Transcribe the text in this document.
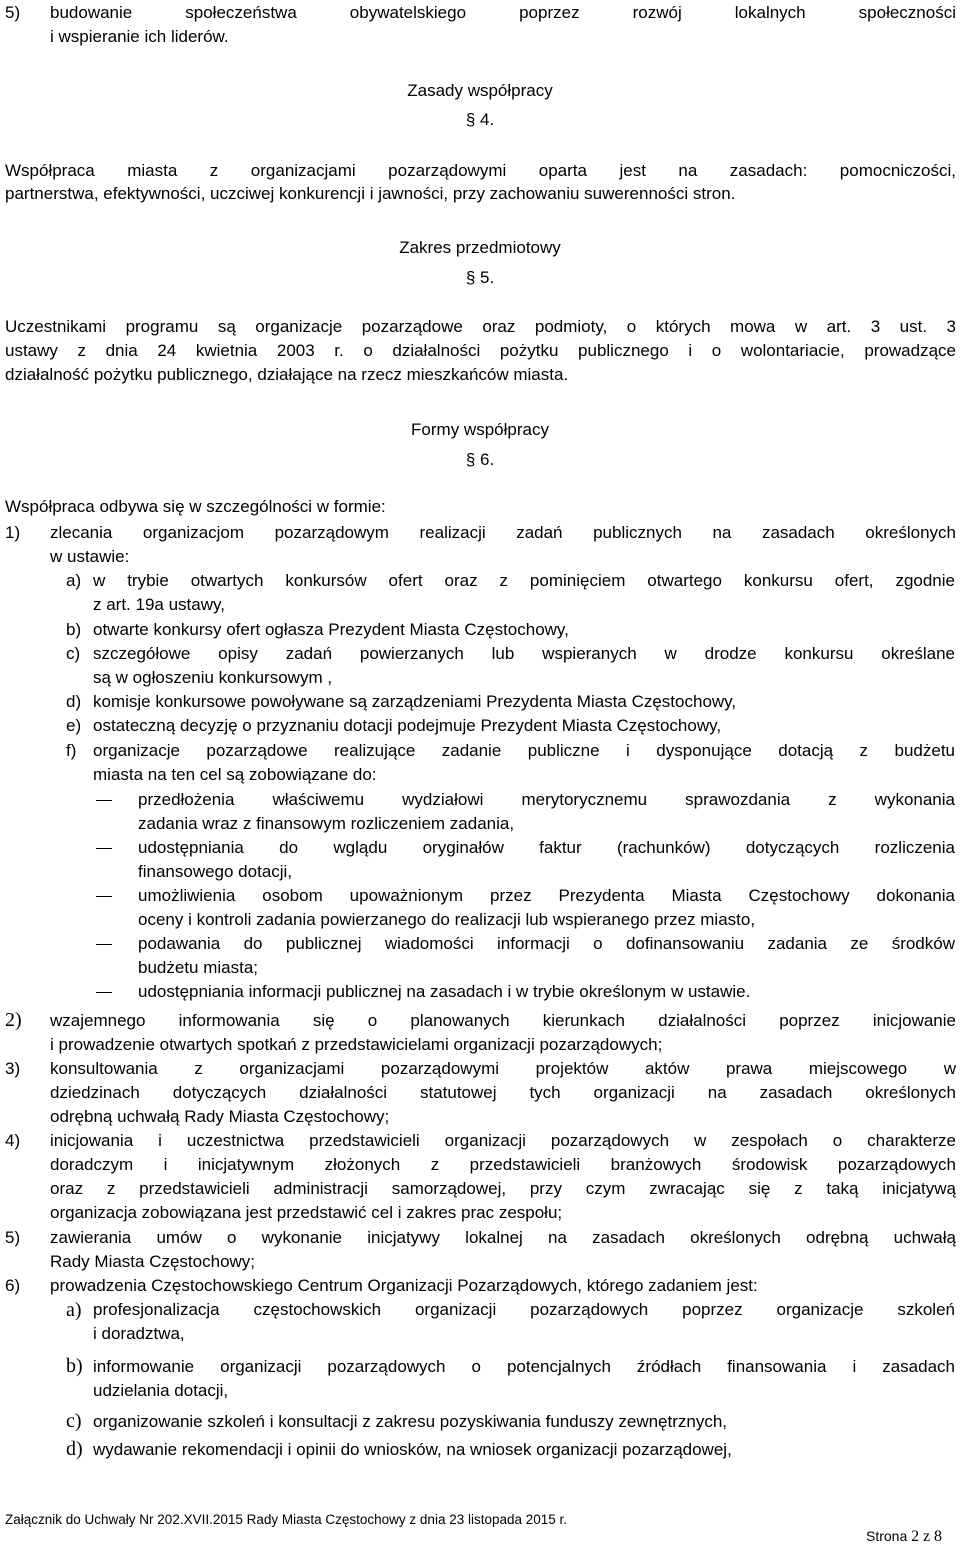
5) budowanie społeczeństwa obywatelskiego poprzez rozwój lokalnych społeczności
i wspieranie ich liderów.
Zasady współpracy
§ 4.
Współpraca miasta z organizacjami pozarządowymi oparta jest na zasadach: pomocniczości,
partnerstwa, efektywności, uczciwej konkurencji i jawności, przy zachowaniu suwerenności stron.
Zakres przedmiotowy
§ 5.
Uczestnikami programu są organizacje pozarządowe oraz podmioty, o których mowa w art. 3 ust. 3
ustawy z dnia 24 kwietnia 2003 r. o działalności pożytku publicznego i o wolontariacie, prowadzące
działalność pożytku publicznego, działające na rzecz mieszkańców miasta.
Formy współpracy
§ 6.
Współpraca odbywa się w szczególności w formie:
1) zlecania organizacjom pozarządowym realizacji zadań publicznych na zasadach określonych
w ustawie:
a) w trybie otwartych konkursów ofert oraz z pominięciem otwartego konkursu ofert, zgodnie
z art. 19a ustawy,
b) otwarte konkursy ofert ogłasza Prezydent Miasta Częstochowy,
c) szczegółowe opisy zadań powierzanych lub wspieranych w drodze konkursu określane
są w ogłoszeniu konkursowym ,
d) komisje konkursowe powoływane są zarządzeniami Prezydenta Miasta Częstochowy,
e) ostateczną decyzję o przyznaniu dotacji podejmuje Prezydent Miasta Częstochowy,
f) organizacje pozarządowe realizujące zadanie publiczne i dysponujące dotacją z budżetu
miasta na ten cel są zobowiązane do:
przedłożenia właściwemu wydziałowi merytorycznemu sprawozdania z wykonania
zadania wraz z finansowym rozliczeniem zadania,
udostępniania do wglądu oryginałów faktur (rachunków) dotyczących rozliczenia
finansowego dotacji,
umożliwienia osobom upoważnionym przez Prezydenta Miasta Częstochowy dokonania
oceny i kontroli zadania powierzanego do realizacji lub wspieranego przez miasto,
podawania do publicznej wiadomości informacji o dofinansowaniu zadania ze środków
budżetu miasta;
udostępniania informacji publicznej na zasadach i w trybie określonym w ustawie.
2) wzajemnego informowania się o planowanych kierunkach działalności poprzez inicjowanie
i prowadzenie otwartych spotkań z przedstawicielami organizacji pozarządowych;
3) konsultowania z organizacjami pozarządowymi projektów aktów prawa miejscowego w
dziedzinach dotyczących działalności statutowej tych organizacji na zasadach określonych
odrębną uchwałą Rady Miasta Częstochowy;
4) inicjowania i uczestnictwa przedstawicieli organizacji pozarządowych w zespołach o charakterze
doradczym i inicjatywnym złożonych z przedstawicieli branżowych środowisk pozarządowych
oraz z przedstawicieli administracji samorządowej, przy czym zwracając się z taką inicjatywą
organizacja zobowiązana jest przedstawić cel i zakres prac zespołu;
5) zawierania umów o wykonanie inicjatywy lokalnej na zasadach określonych odrębną uchwałą
Rady Miasta Częstochowy;
6) prowadzenia Częstochowskiego Centrum Organizacji Pozarządowych, którego zadaniem jest:
a) profesjonalizacja częstochowskich organizacji pozarządowych poprzez organizacje szkoleń
i doradztwa,
b) informowanie organizacji pozarządowych o potencjalnych źródłach finansowania i zasadach
udzielania dotacji,
c) organizowanie szkoleń i konsultacji z zakresu pozyskiwania funduszy zewnętrznych,
d) wydawanie rekomendacji i opinii do wniosków, na wniosek organizacji pozarządowej,
Załącznik do Uchwały Nr 202.XVII.2015 Rady Miasta Częstochowy z dnia 23 listopada 2015 r.
Strona 2 z 8
